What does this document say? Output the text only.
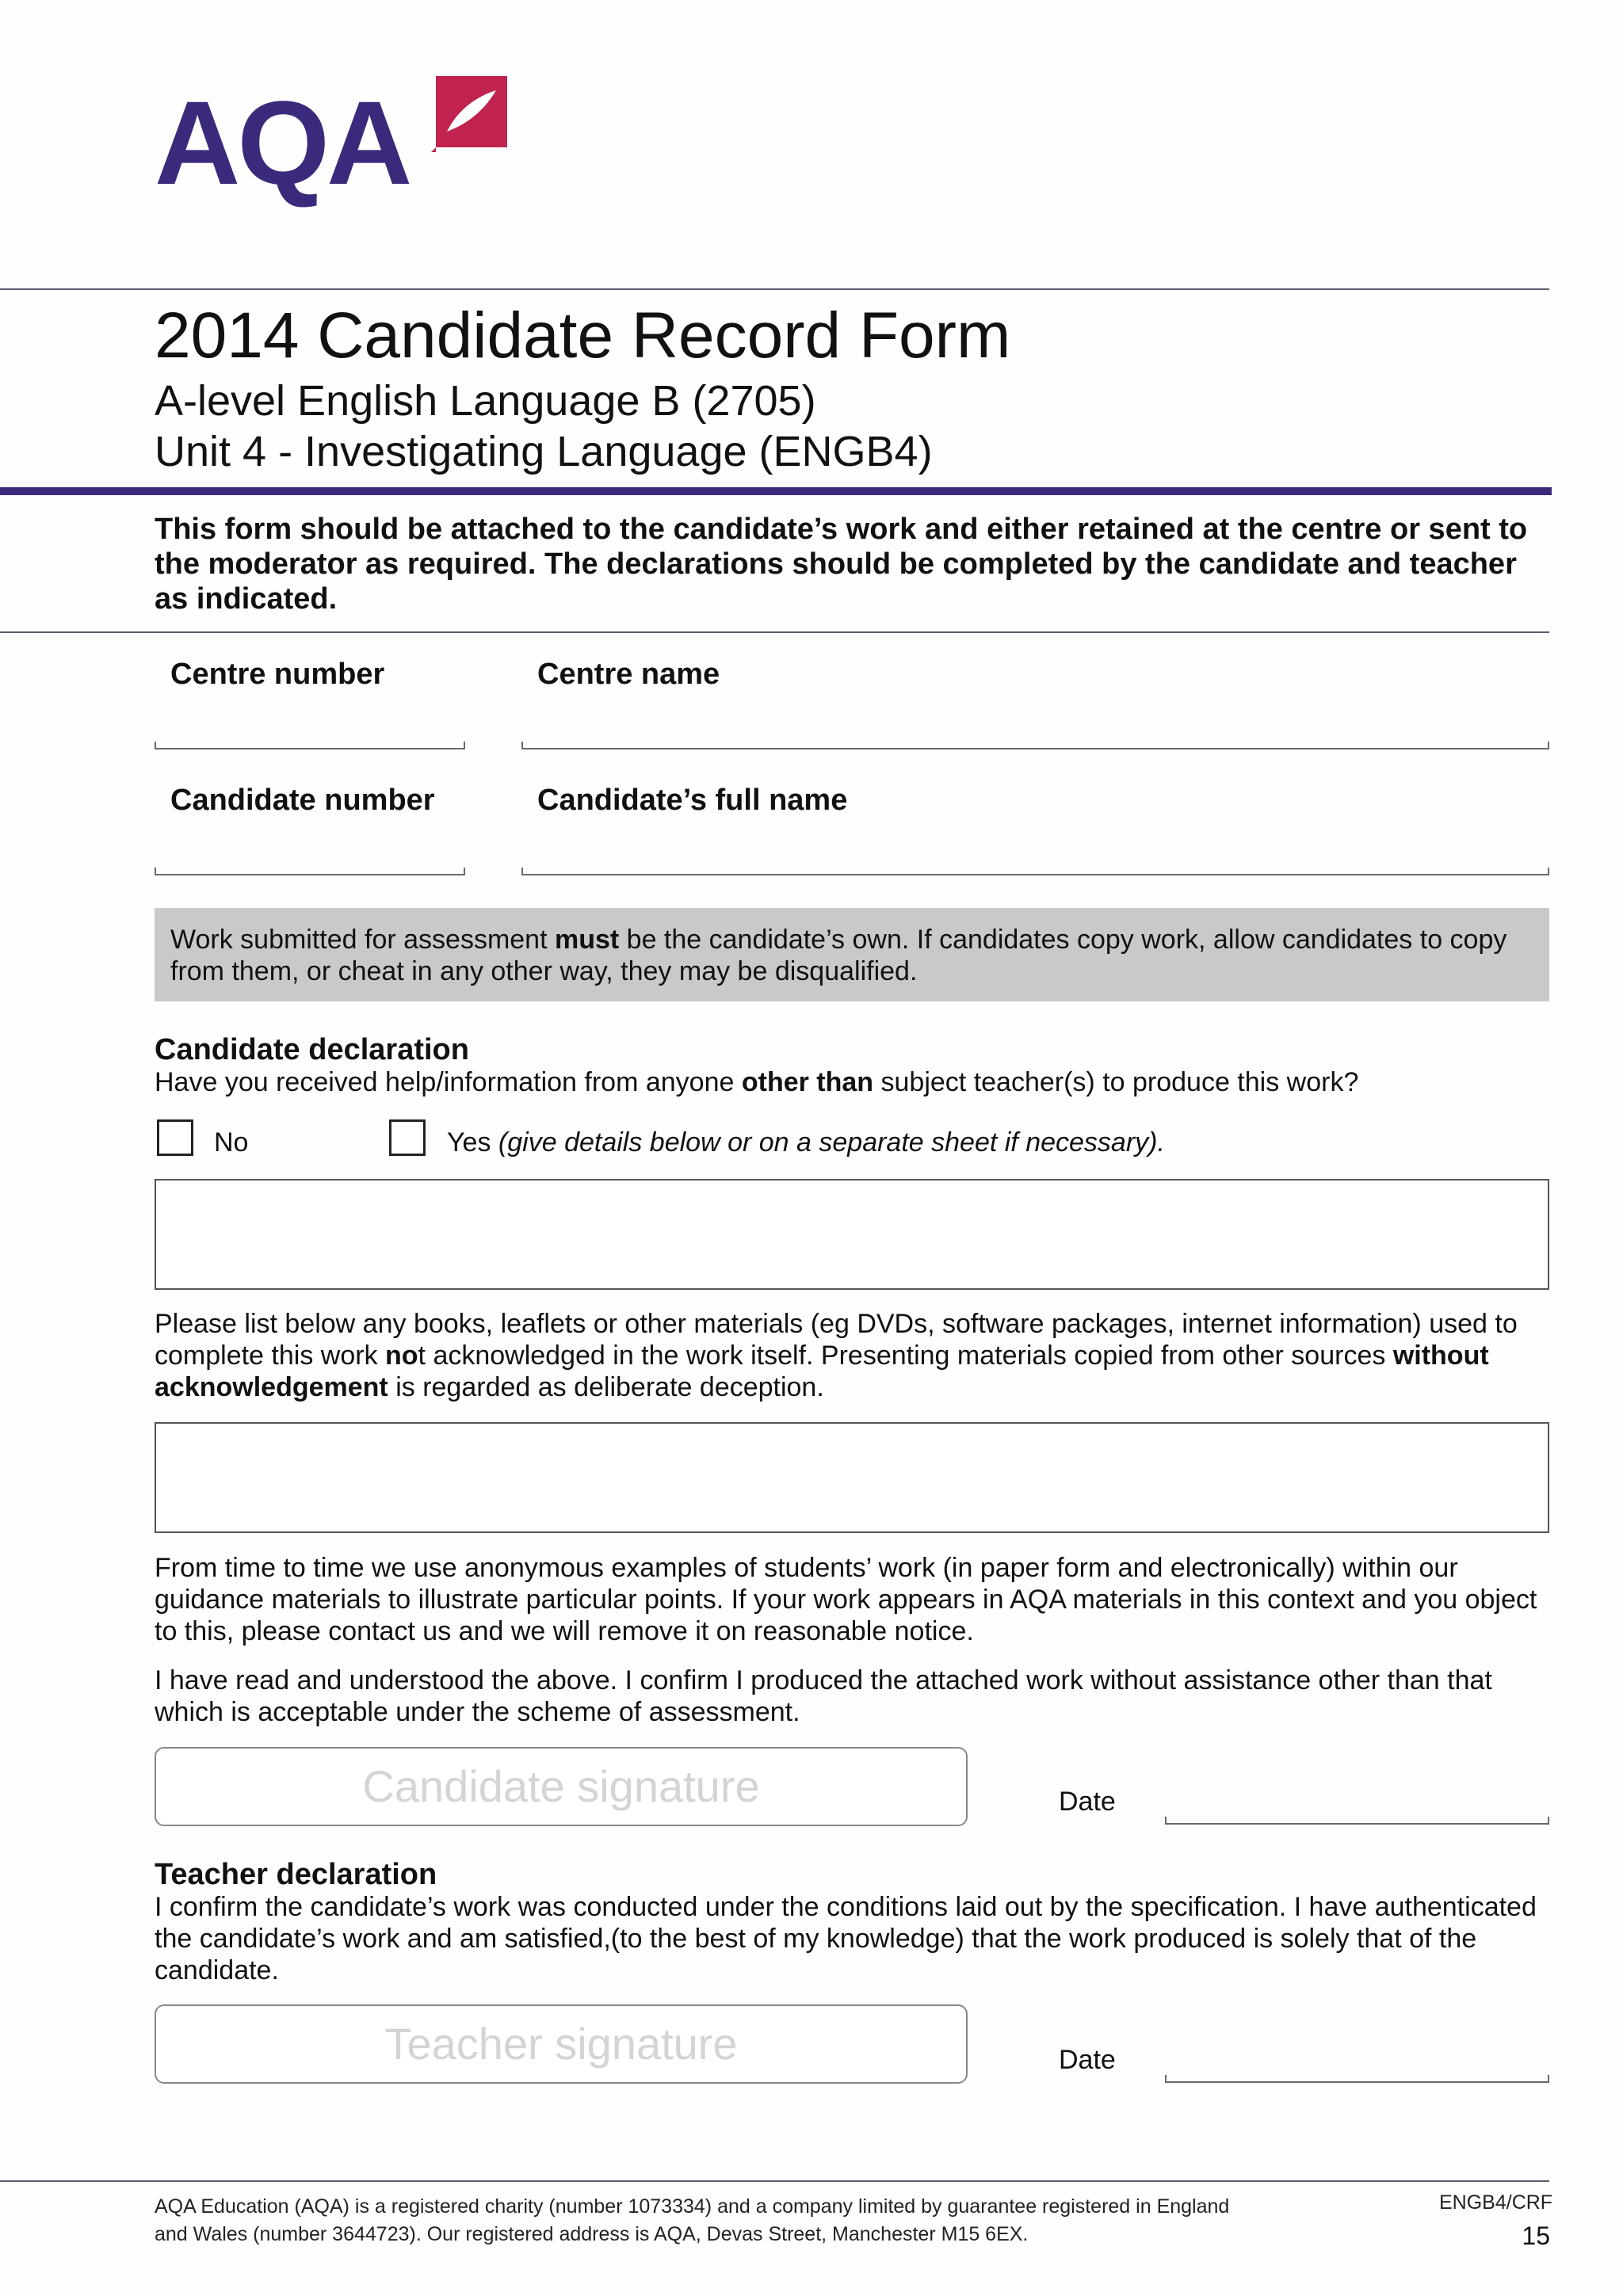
AQA
2014 Candidate Record Form
A-level English Language B (2705)
Unit 4 - Investigating Language (ENGB4)
This form should be attached to the candidate’s work and either retained at the centre or sent to the moderator as required. The declarations should be completed by the candidate and teacher as indicated.
Centre number	Centre name
Candidate number	Candidate’s full name
Work submitted for assessment must be the candidate’s own. If candidates copy work, allow candidates to copy from them, or cheat in any other way, they may be disqualified.
Candidate declaration
Have you received help/information from anyone other than subject teacher(s) to produce this work?
No	Yes (give details below or on a separate sheet if necessary).
Please list below any books, leaflets or other materials (eg DVDs, software packages, internet information) used to complete this work not acknowledged in the work itself. Presenting materials copied from other sources without acknowledgement is regarded as deliberate deception.
From time to time we use anonymous examples of students’ work (in paper form and electronically) within our guidance materials to illustrate particular points. If your work appears in AQA materials in this context and you object to this, please contact us and we will remove it on reasonable notice.
I have read and understood the above. I confirm I produced the attached work without assistance other than that which is acceptable under the scheme of assessment.
Candidate signature	Date
Teacher declaration
I confirm the candidate’s work was conducted under the conditions laid out by the specification. I have authenticated the candidate’s work and am satisfied,(to the best of my knowledge) that the work produced is solely that of the candidate.
Teacher signature	Date
AQA Education (AQA) is a registered charity (number 1073334) and a company limited by guarantee registered in England
and Wales (number 3644723). Our registered address is AQA, Devas Street, Manchester M15 6EX.
ENGB4/CRF
15
